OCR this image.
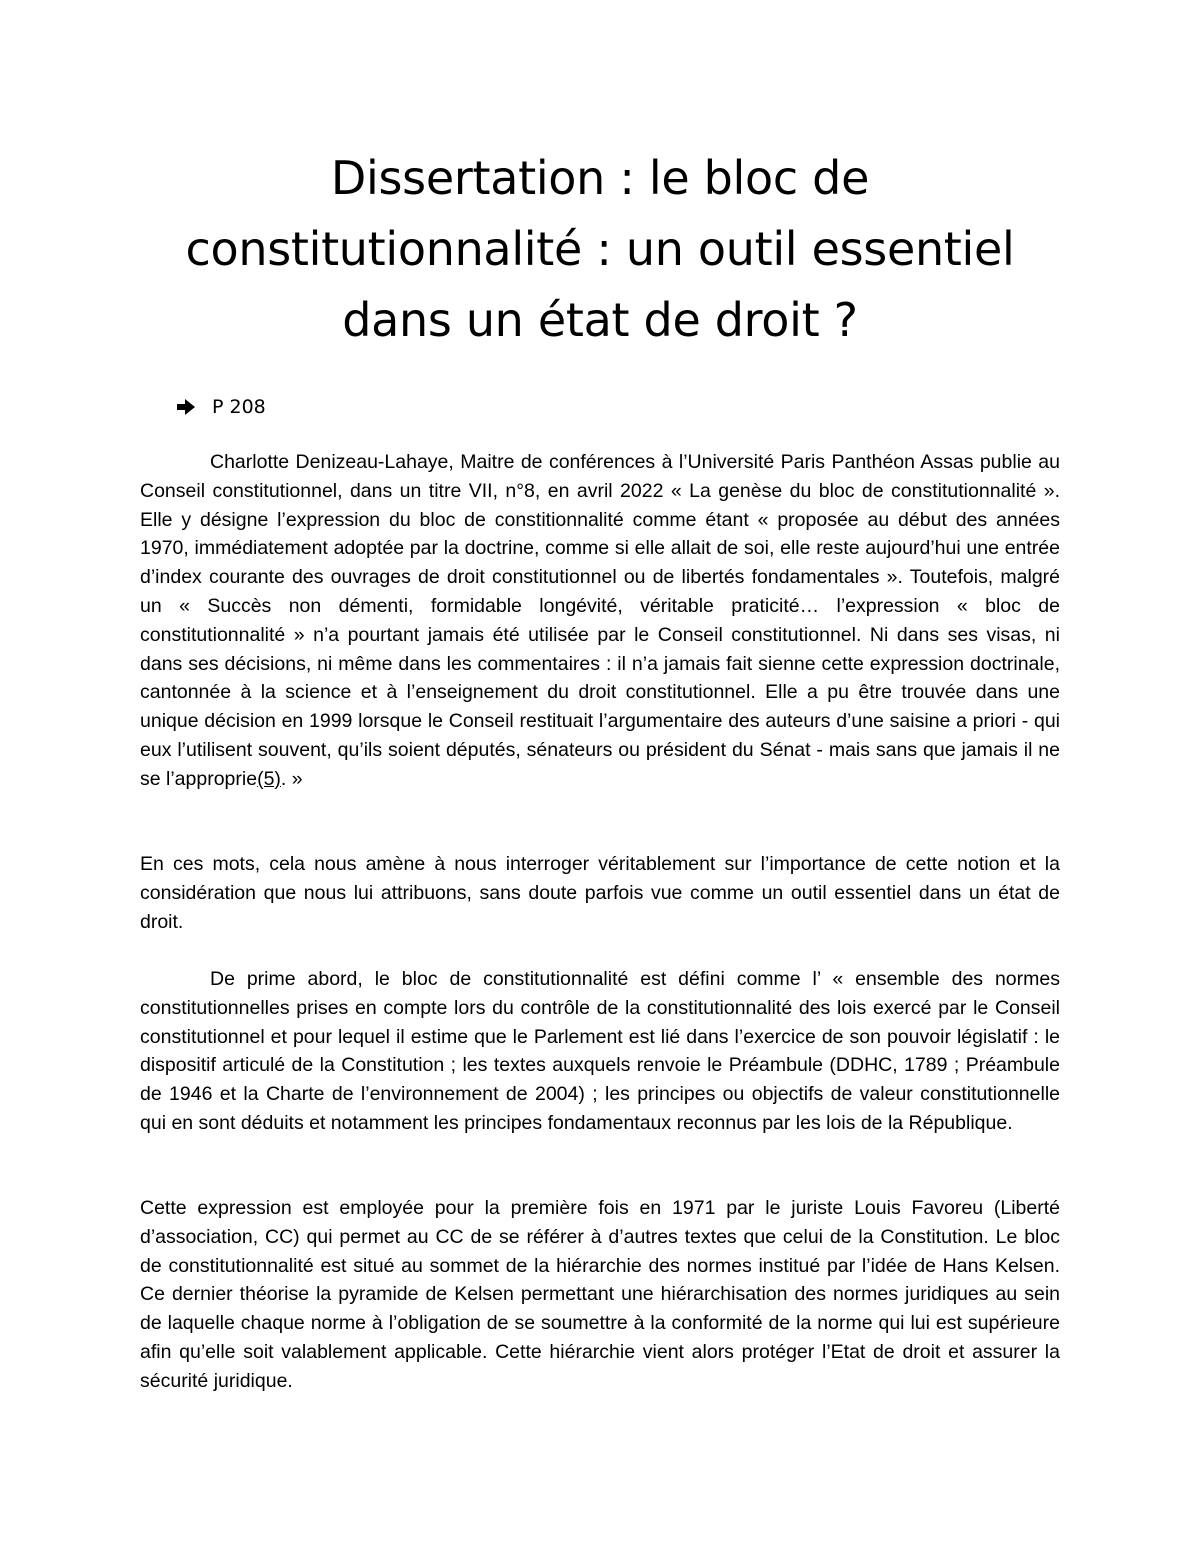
Dissertation : le bloc de constitutionnalité : un outil essentiel dans un état de droit ?
P 208

Charlotte Denizeau-Lahaye, Maitre de conférences à l’Université Paris Panthéon Assas publie au Conseil constitutionnel, dans un titre VII, n°8, en avril 2022 « La genèse du bloc de constitutionnalité ». Elle y désigne l’expression du bloc de constitionnalité comme étant « proposée au début des années 1970, immédiatement adoptée par la doctrine, comme si elle allait de soi, elle reste aujourd’hui une entrée d’index courante des ouvrages de droit constitutionnel ou de libertés fondamentales ». Toutefois, malgré un « Succès non démenti, formidable longévité, véritable praticité… l’expression « bloc de constitutionnalité » n’a pourtant jamais été utilisée par le Conseil constitutionnel. Ni dans ses visas, ni dans ses décisions, ni même dans les commentaires : il n’a jamais fait sienne cette expression doctrinale, cantonnée à la science et à l’enseignement du droit constitutionnel. Elle a pu être trouvée dans une unique décision en 1999 lorsque le Conseil restituait l’argumentaire des auteurs d’une saisine a priori - qui eux l’utilisent souvent, qu’ils soient députés, sénateurs ou président du Sénat - mais sans que jamais il ne se l’approprie(5). »

En ces mots, cela nous amène à nous interroger véritablement sur l’importance de cette notion et la considération que nous lui attribuons, sans doute parfois vue comme un outil essentiel dans un état de droit.

De prime abord, le bloc de constitutionnalité est défini comme l’ « ensemble des normes constitutionnelles prises en compte lors du contrôle de la constitutionnalité des lois exercé par le Conseil constitutionnel et pour lequel il estime que le Parlement est lié dans l’exercice de son pouvoir législatif : le dispositif articulé de la Constitution ; les textes auxquels renvoie le Préambule (DDHC, 1789 ; Préambule de 1946 et la Charte de l’environnement de 2004) ; les principes ou objectifs de valeur constitutionnelle qui en sont déduits et notamment les principes fondamentaux reconnus par les lois de la République.

Cette expression est employée pour la première fois en 1971 par le juriste Louis Favoreu (Liberté d’association, CC) qui permet au CC de se référer à d’autres textes que celui de la Constitution. Le bloc de constitutionnalité est situé au sommet de la hiérarchie des normes institué par l’idée de Hans Kelsen. Ce dernier théorise la pyramide de Kelsen permettant une hiérarchisation des normes juridiques au sein de laquelle chaque norme à l’obligation de se soumettre à la conformité de la norme qui lui est supérieure afin qu’elle soit valablement applicable. Cette hiérarchie vient alors protéger l’Etat de droit et assurer la sécurité juridique.
